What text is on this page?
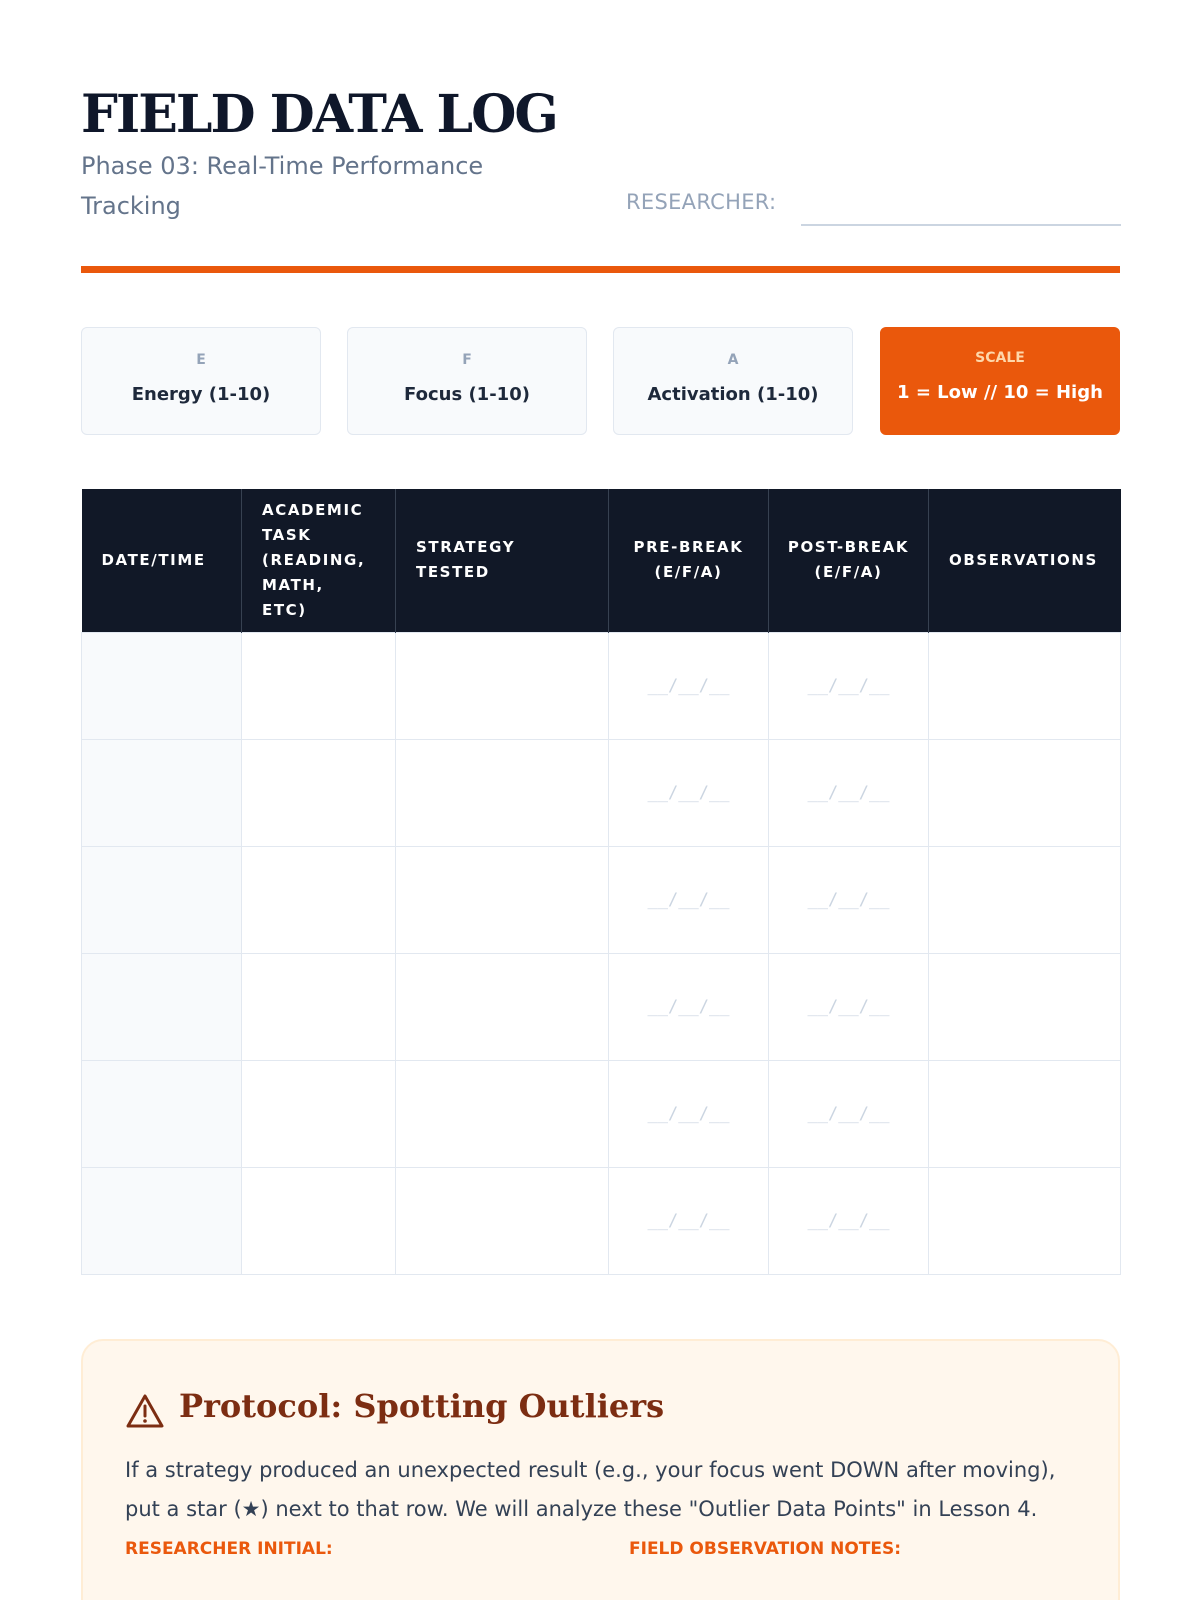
FIELD DATA LOG
Phase 03: Real-Time Performance Tracking	RESEARCHER:
E
Energy (1-10)
F
Focus (1-10)
A
Activation (1-10)
SCALE
1 = Low // 10 = High
DATE/TIME	ACADEMIC TASK (READING, MATH, ETC)	STRATEGY TESTED	PRE-BREAK (E/F/A)	POST-BREAK (E/F/A)	OBSERVATIONS
			__/__/__	__/__/__	
			__/__/__	__/__/__	
			__/__/__	__/__/__	
			__/__/__	__/__/__	
			__/__/__	__/__/__	
			__/__/__	__/__/__	
Protocol: Spotting Outliers
If a strategy produced an unexpected result (e.g., your focus went DOWN after moving), put a star (★) next to that row. We will analyze these "Outlier Data Points" in Lesson 4.
RESEARCHER INITIAL:	FIELD OBSERVATION NOTES:
